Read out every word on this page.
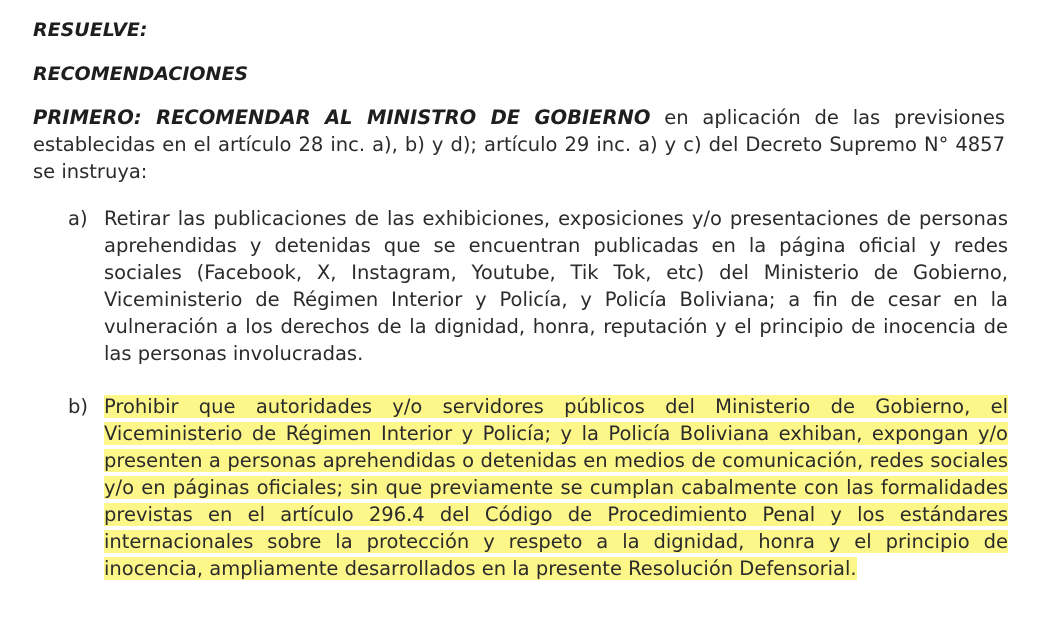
RESUELVE:
RECOMENDACIONES
PRIMERO: RECOMENDAR AL MINISTRO DE GOBIERNO en aplicación de las previsiones establecidas en el artículo 28 inc. a), b) y d); artículo 29 inc. a) y c) del Decreto Supremo N° 4857 se instruya:
a) Retirar las publicaciones de las exhibiciones, exposiciones y/o presentaciones de personas aprehendidas y detenidas que se encuentran publicadas en la página oficial y redes sociales (Facebook, X, Instagram, Youtube, Tik Tok, etc) del Ministerio de Gobierno, Viceministerio de Régimen Interior y Policía, y Policía Boliviana; a fin de cesar en la vulneración a los derechos de la dignidad, honra, reputación y el principio de inocencia de las personas involucradas.
b) Prohibir que autoridades y/o servidores públicos del Ministerio de Gobierno, el Viceministerio de Régimen Interior y Policía; y la Policía Boliviana exhiban, expongan y/o presenten a personas aprehendidas o detenidas en medios de comunicación, redes sociales y/o en páginas oficiales; sin que previamente se cumplan cabalmente con las formalidades previstas en el artículo 296.4 del Código de Procedimiento Penal y los estándares internacionales sobre la protección y respeto a la dignidad, honra y el principio de inocencia, ampliamente desarrollados en la presente Resolución Defensorial.
